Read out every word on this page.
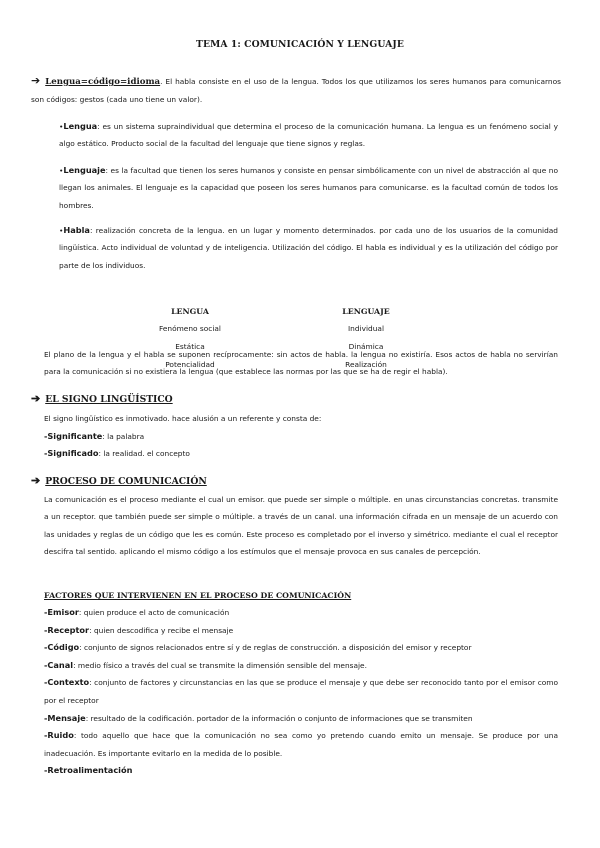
TEMA 1: COMUNICACIÓN Y LENGUAJE
➔ Lengua=código=idioma. El habla consiste en el uso de la lengua. Todos los que utilizamos los seres humanos para comunicarnos son códigos: gestos (cada uno tiene un valor).
•Lengua: es un sistema supraindividual que determina el proceso de la comunicación humana. La lengua es un fenómeno social y algo estático. Producto social de la facultad del lenguaje que tiene signos y reglas.
•Lenguaje: es la facultad que tienen los seres humanos y consiste en pensar simbólicamente con un nivel de abstracción al que no llegan los animales. El lenguaje es la capacidad que poseen los seres humanos para comunicarse. es la facultad común de todos los hombres.
•Habla: realización concreta de la lengua. en un lugar y momento determinados. por cada uno de los usuarios de la comunidad lingüística. Acto individual de voluntad y de inteligencia. Utilización del código. El habla es individual y es la utilización del código por parte de los individuos.
LENGUA
Fenómeno social
Estática
Potencialidad
LENGUAJE
Individual
Dinámica
Realización
El plano de la lengua y el habla se suponen recíprocamente: sin actos de habla. la lengua no existiría. Esos actos de habla no servirían para la comunicación si no existiera la lengua (que establece las normas por las que se ha de regir el habla).
➔ EL SIGNO LINGÜÍSTICO
El signo lingüístico es inmotivado. hace alusión a un referente y consta de:
-Significante: la palabra
-Significado: la realidad. el concepto
➔ PROCESO DE COMUNICACIÓN
La comunicación es el proceso mediante el cual un emisor. que puede ser simple o múltiple. en unas circunstancias concretas. transmite a un receptor. que también puede ser simple o múltiple. a través de un canal. una información cifrada en un mensaje de un acuerdo con las unidades y reglas de un código que les es común. Este proceso es completado por el inverso y simétrico. mediante el cual el receptor descifra tal sentido. aplicando el mismo código a los estímulos que el mensaje provoca en sus canales de percepción.
FACTORES QUE INTERVIENEN EN EL PROCESO DE COMUNICACIÓN
-Emisor: quien produce el acto de comunicación
-Receptor: quien descodifica y recibe el mensaje
-Código: conjunto de signos relacionados entre sí y de reglas de construcción. a disposición del emisor y receptor
-Canal: medio físico a través del cual se transmite la dimensión sensible del mensaje.
-Contexto: conjunto de factores y circunstancias en las que se produce el mensaje y que debe ser reconocido tanto por el emisor como por el receptor
-Mensaje: resultado de la codificación. portador de la información o conjunto de informaciones que se transmiten
-Ruido: todo aquello que hace que la comunicación no sea como yo pretendo cuando emito un mensaje. Se produce por una inadecuación. Es importante evitarlo en la medida de lo posible.
-Retroalimentación
